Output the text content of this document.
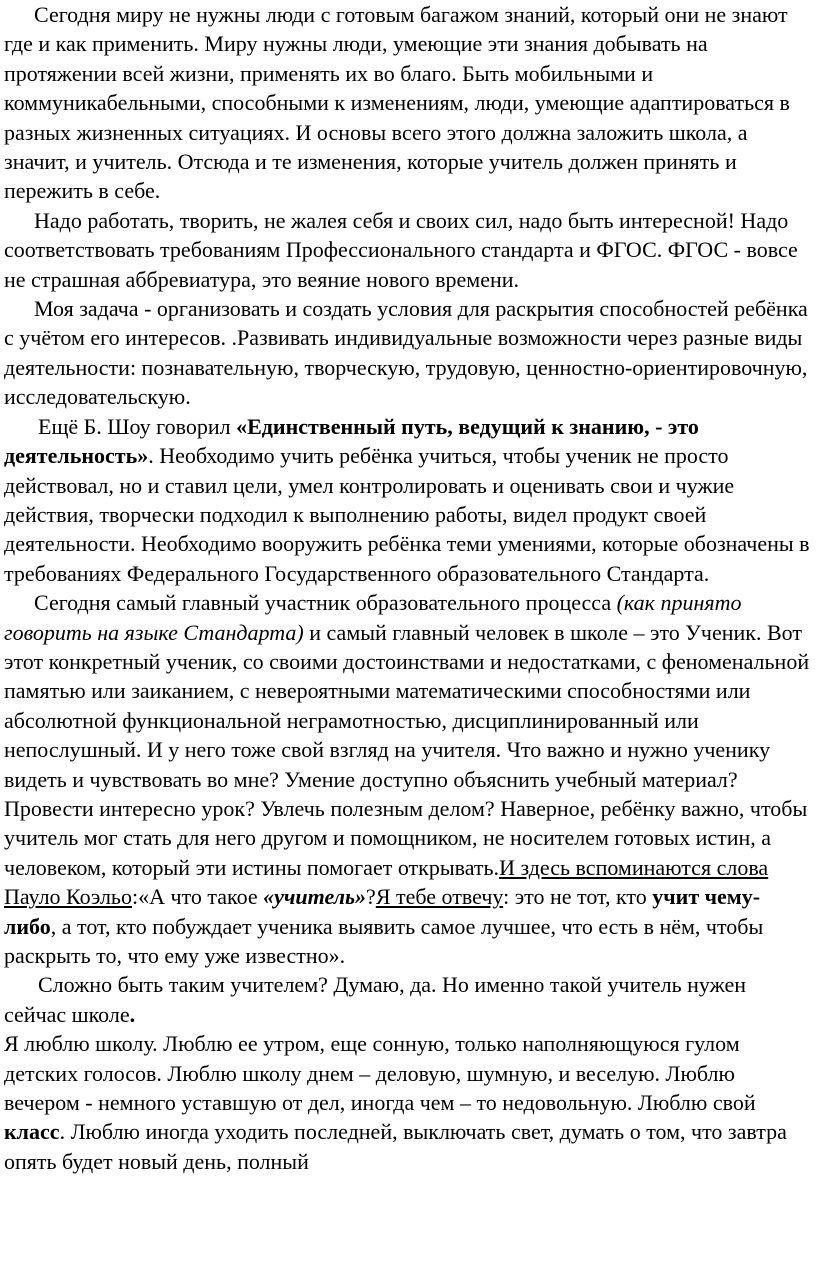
Сегодня миру не нужны люди с готовым багажом знаний, который они не знают где и как применить. Миру нужны люди, умеющие эти знания добывать на протяжении всей жизни, применять их во благо. Быть мобильными и коммуникабельными, способными к изменениям, люди, умеющие адаптироваться в разных жизненных ситуациях. И основы всего этого должна заложить школа, а значит, и учитель. Отсюда и те изменения, которые учитель должен принять и пережить в себе.

Надо работать, творить, не жалея себя и своих сил, надо быть интересной! Надо соответствовать требованиям Профессионального стандарта и ФГОС. ФГОС - вовсе не страшная аббревиатура, это веяние нового времени.

Моя задача - организовать и создать условия для раскрытия способностей ребёнка с учётом его интересов. .Развивать индивидуальные возможности через разные виды деятельности: познавательную, творческую, трудовую, ценностно-ориентировочную, исследовательскую.

Ещё Б. Шоу говорил «Единственный путь, ведущий к знанию, - это деятельность». Необходимо учить ребёнка учиться, чтобы ученик не просто действовал, но и ставил цели, умел контролировать и оценивать свои и чужие действия, творчески подходил к выполнению работы, видел продукт своей деятельности. Необходимо вооружить ребёнка теми умениями, которые обозначены в требованиях Федерального Государственного образовательного Стандарта.

Сегодня самый главный участник образовательного процесса (как принято говорить на языке Стандарта) и самый главный человек в школе – это Ученик. Вот этот конкретный ученик, со своими достоинствами и недостатками, с феноменальной памятью или заиканием, с невероятными математическими способностями или абсолютной функциональной неграмотностью, дисциплинированный или непослушный. И у него тоже свой взгляд на учителя. Что важно и нужно ученику видеть и чувствовать во мне? Умение доступно объяснить учебный материал? Провести интересно урок? Увлечь полезным делом? Наверное, ребёнку важно, чтобы учитель мог стать для него другом и помощником, не носителем готовых истин, а человеком, который эти истины помогает открывать.И здесь вспоминаются слова Пауло Коэльо:«А что такое «учитель»?Я тебе отвечу: это не тот, кто учит чему-либо, а тот, кто побуждает ученика выявить самое лучшее, что есть в нём, чтобы раскрыть то, что ему уже известно».

Сложно быть таким учителем? Думаю, да. Но именно такой учитель нужен сейчас школе.

Я люблю школу. Люблю ее утром, еще сонную, только наполняющуюся гулом детских голосов. Люблю школу днем – деловую, шумную, и веселую. Люблю вечером - немного уставшую от дел, иногда чем – то недовольную. Люблю свой класс. Люблю иногда уходить последней, выключать свет, думать о том, что завтра опять будет новый день, полный
